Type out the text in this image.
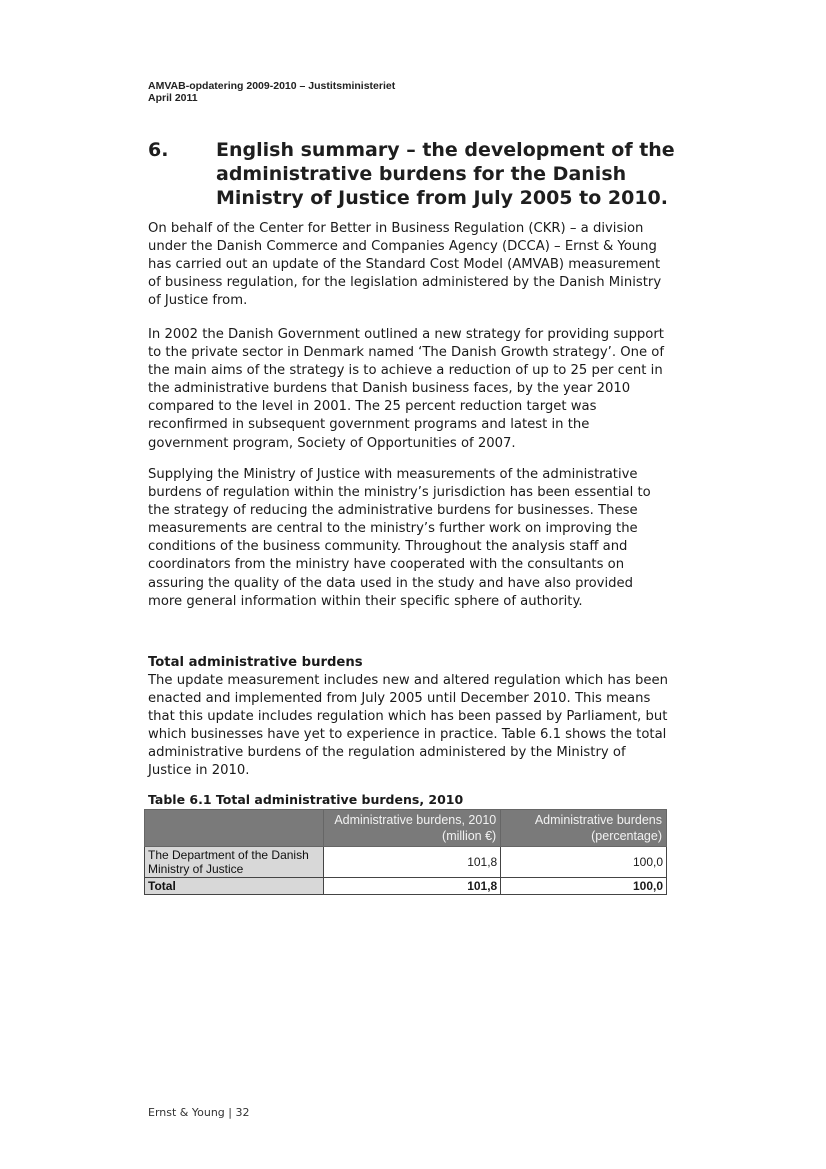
AMVAB-opdatering 2009-2010 – Justitsministeriet
April 2011
6.	English summary – the development of the administrative burdens for the Danish Ministry of Justice from July 2005 to 2010.

On behalf of the Center for Better in Business Regulation (CKR) – a division under the Danish Commerce and Companies Agency (DCCA) – Ernst & Young has carried out an update of the Standard Cost Model (AMVAB) measurement of business regulation, for the legislation administered by the Danish Ministry of Justice from.

In 2002 the Danish Government outlined a new strategy for providing support to the private sector in Denmark named ‘The Danish Growth strategy’. One of the main aims of the strategy is to achieve a reduction of up to 25 per cent in the administrative burdens that Danish business faces, by the year 2010 compared to the level in 2001. The 25 percent reduction target was reconfirmed in subsequent government programs and latest in the government program, Society of Opportunities of 2007.

Supplying the Ministry of Justice with measurements of the administrative burdens of regulation within the ministry’s jurisdiction has been essential to the strategy of reducing the administrative burdens for businesses. These measurements are central to the ministry’s further work on improving the conditions of the business community. Throughout the analysis staff and coordinators from the ministry have cooperated with the consultants on assuring the quality of the data used in the study and have also provided more general information within their specific sphere of authority.

Total administrative burdens

The update measurement includes new and altered regulation which has been enacted and implemented from July 2005 until December 2010. This means that this update includes regulation which has been passed by Parliament, but which businesses have yet to experience in practice. Table 6.1 shows the total administrative burdens of the regulation administered by the Ministry of Justice in 2010.

Table 6.1 Total administrative burdens, 2010
	Administrative burdens, 2010 (million €)	Administrative burdens (percentage)
The Department of the Danish Ministry of Justice	101,8	100,0
Total	101,8	100,0
Ernst & Young | 32
